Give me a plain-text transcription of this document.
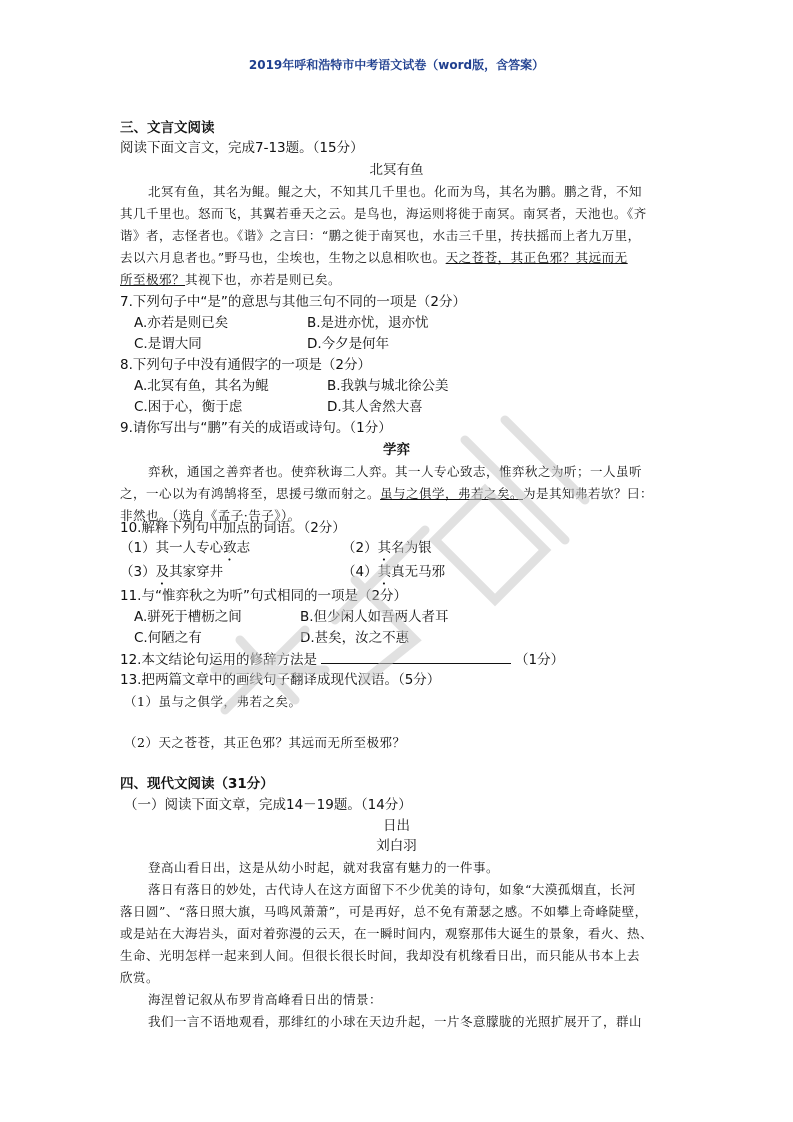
2019年呼和浩特市中考语文试卷（word版，含答案）
三、文言文阅读
阅读下面文言文，完成7-13题。（15分）
北冥有鱼
北冥有鱼，其名为鲲。鲲之大，不知其几千里也。化而为鸟，其名为鹏。鹏之背，不知
其几千里也。怒而飞，其翼若垂天之云。是鸟也，海运则将徙于南冥。南冥者，天池也。《齐
谐》者，志怪者也。《谐》之言曰：“鹏之徙于南冥也，水击三千里，抟扶摇而上者九万里，
去以六月息者也。”野马也，尘埃也，生物之以息相吹也。天之苍苍，其正色邪？其远而无
所至极邪？其视下也，亦若是则已矣。
7.下列句子中“是”的意思与其他三句不同的一项是（2分）
A.亦若是则已矣	B.是进亦忧，退亦忧
C.是谓大同	D.今夕是何年
8.下列句子中没有通假字的一项是（2分）
A.北冥有鱼，其名为鲲	B.我孰与城北徐公美
C.困于心，衡于虑	D.其人舍然大喜
9.请你写出与“鹏”有关的成语或诗句。（1分）
学弈
弈秋，通国之善弈者也。使弈秋诲二人弈。其一人专心致志，惟弈秋之为听；一人虽听
之，一心以为有鸿鹄将至，思援弓缴而射之。虽与之俱学，弗若之矣。为是其知弗若欤？曰：
非然也。（选自《孟子·告子》）。
10.解释下列句中加点的词语。（2分）
（1）其一人专心致志	（2）其名为银
（3）及其家穿井	（4）其真无马邪
11.与“惟弈秋之为听”句式相同的一项是（2分）
A.骈死于槽枥之间	B.但少闲人如吾两人者耳
C.何陋之有	D.甚矣，汝之不惠
12.本文结论句运用的修辞方法是	（1分）
13.把两篇文章中的画线句子翻译成现代汉语。（5分）
（1）虽与之俱学，弗若之矣。
（2）天之苍苍，其正色邪？其远而无所至极邪？
四、现代文阅读（31分）
（一）阅读下面文章，完成14－19题。（14分）
日出
刘白羽
登高山看日出，这是从幼小时起，就对我富有魅力的一件事。
落日有落日的妙处，古代诗人在这方面留下不少优美的诗句，如象“大漠孤烟直，长河
落日圆”、“落日照大旗，马鸣风萧萧”，可是再好，总不免有萧瑟之感。不如攀上奇峰陡壁，
或是站在大海岩头，面对着弥漫的云天，在一瞬时间内，观察那伟大诞生的景象，看火、热、
生命、光明怎样一起来到人间。但很长很长时间，我却没有机缘看日出，而只能从书本上去
欣赏。
海涅曾记叙从布罗肯高峰看日出的情景：
我们一言不语地观看，那绯红的小球在天边升起，一片冬意朦胧的光照扩展开了，群山
